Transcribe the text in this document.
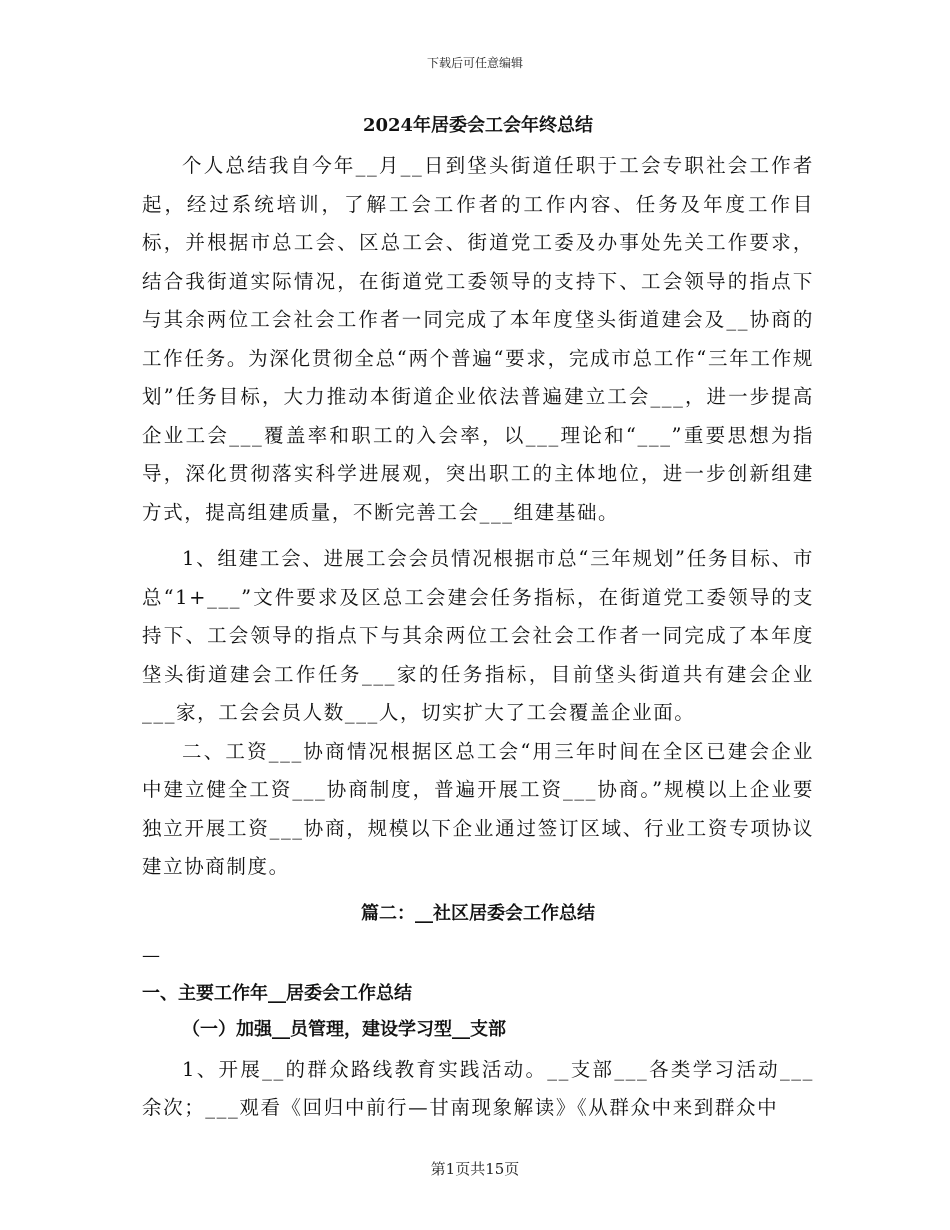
下载后可任意编辑
2024年居委会工会年终总结

个人总结我自今年__月__日到垡头街道任职于工会专职社会工作者起，经过系统培训，了解工会工作者的工作内容、任务及年度工作目标，并根据市总工会、区总工会、街道党工委及办事处先关工作要求，结合我街道实际情况，在街道党工委领导的支持下、工会领导的指点下与其余两位工会社会工作者一同完成了本年度垡头街道建会及__协商的工作任务。为深化贯彻全总“两个普遍“要求，完成市总工作“三年工作规划”任务目标，大力推动本街道企业依法普遍建立工会___，进一步提高企业工会___覆盖率和职工的入会率，以___理论和“___”重要思想为指导，深化贯彻落实科学进展观，突出职工的主体地位，进一步创新组建方式，提高组建质量，不断完善工会___组建基础。

1、组建工会、进展工会会员情况根据市总“三年规划”任务目标、市总“1+___”文件要求及区总工会建会任务指标，在街道党工委领导的支持下、工会领导的指点下与其余两位工会社会工作者一同完成了本年度垡头街道建会工作任务___家的任务指标，目前垡头街道共有建会企业___家，工会会员人数___人，切实扩大了工会覆盖企业面。

二、工资___协商情况根据区总工会“用三年时间在全区已建会企业中建立健全工资___协商制度，普遍开展工资___协商。”规模以上企业要独立开展工资___协商，规模以下企业通过签订区域、行业工资专项协议建立协商制度。

篇二：__社区居委会工作总结
—
一、主要工作年__居委会工作总结
（一）加强__员管理，建设学习型__支部

1、开展__的群众路线教育实践活动。__支部___各类学习活动___余次；___观看《回归中前行—甘南现象解读》《从群众中来到群众中

第1页共15页
